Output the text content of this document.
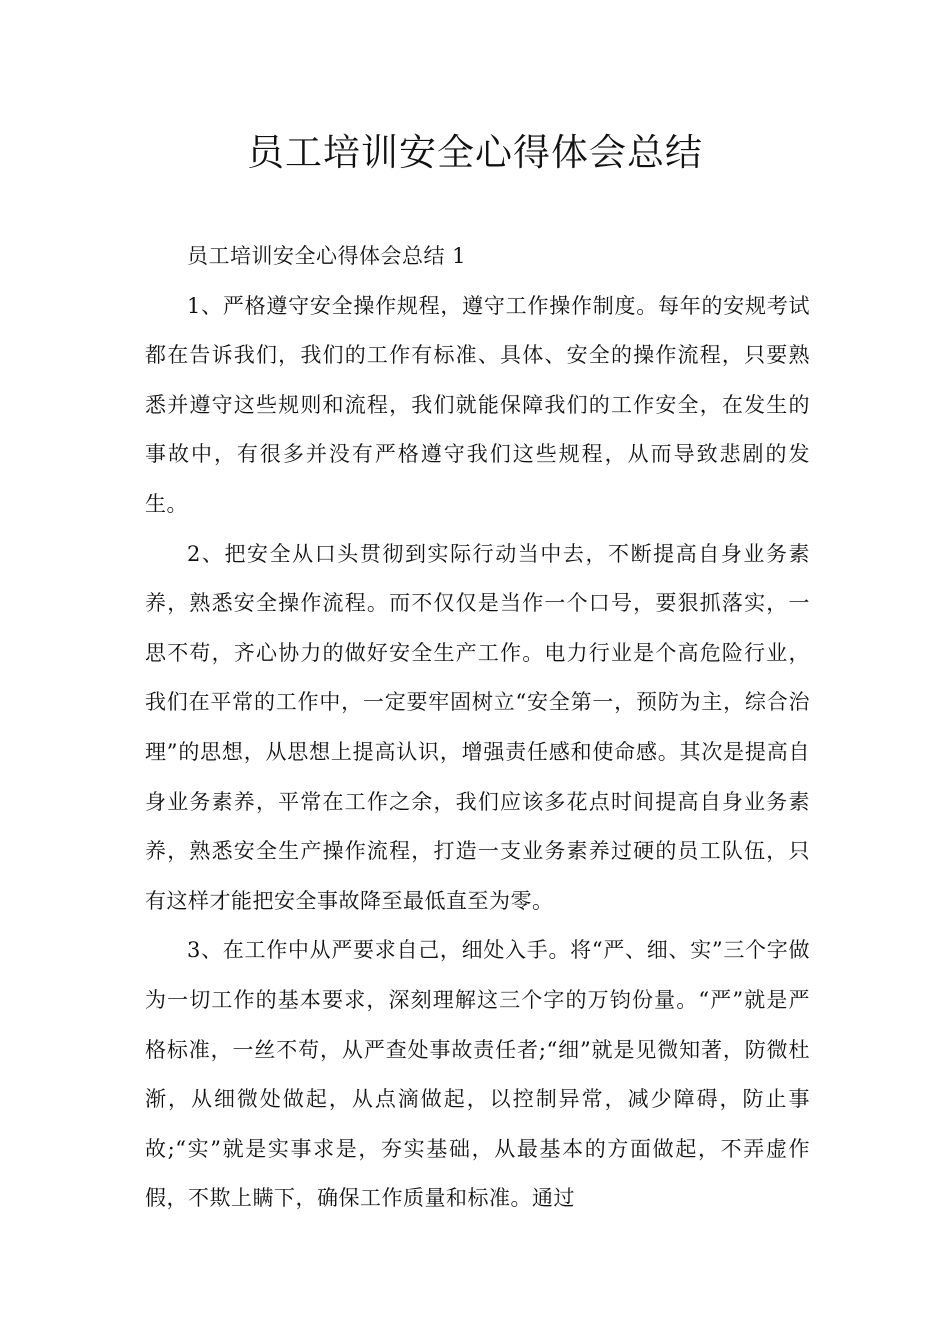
员工培训安全心得体会总结

员工培训安全心得体会总结 1

1、严格遵守安全操作规程，遵守工作操作制度。每年的安规考试都在告诉我们，我们的工作有标准、具体、安全的操作流程，只要熟悉并遵守这些规则和流程，我们就能保障我们的工作安全，在发生的事故中，有很多并没有严格遵守我们这些规程，从而导致悲剧的发生。

2、把安全从口头贯彻到实际行动当中去，不断提高自身业务素养，熟悉安全操作流程。而不仅仅是当作一个口号，要狠抓落实，一思不苟，齐心协力的做好安全生产工作。电力行业是个高危险行业，我们在平常的工作中，一定要牢固树立“安全第一，预防为主，综合治理”的思想，从思想上提高认识，增强责任感和使命感。其次是提高自身业务素养，平常在工作之余，我们应该多花点时间提高自身业务素养，熟悉安全生产操作流程，打造一支业务素养过硬的员工队伍，只有这样才能把安全事故降至最低直至为零。

3、在工作中从严要求自己，细处入手。将“严、细、实”三个字做为一切工作的基本要求，深刻理解这三个字的万钧份量。“严”就是严格标准，一丝不苟，从严查处事故责任者;“细”就是见微知著，防微杜渐，从细微处做起，从点滴做起，以控制异常，减少障碍，防止事故;“实”就是实事求是，夯实基础，从最基本的方面做起，不弄虚作假，不欺上瞒下，确保工作质量和标准。通过
